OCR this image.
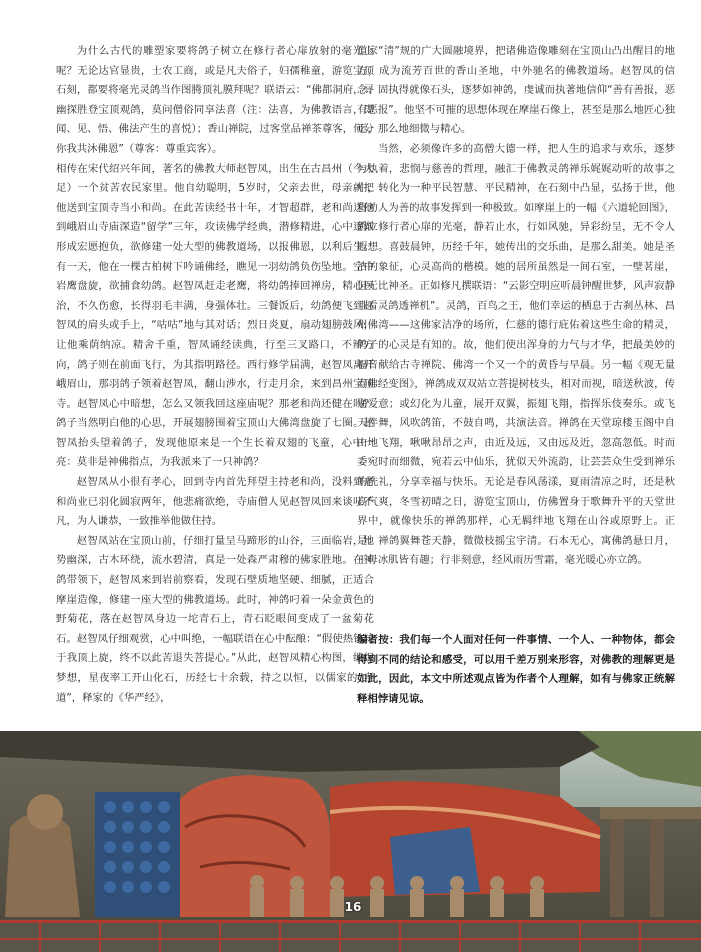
为什么古代的雕塑家要将鸽子树立在修行者心扉放射的毫光上呢？无论达官显贵，士农工商，或是凡夫俗子，妇孺稚童，游览宝顶石刻，都要将毫光灵鸽当作图腾顶礼膜拜呢？联语云：“佛都洞府，寻幽探胜登宝顶观鸽，莫问僧俗同享法喜（注：法喜，为佛教语言，即闻、见、悟、佛法产生的喜悦）；香山禅院，过客堂品禅茶尊客，何分你我共沐佛恩”（尊客：尊重宾客）。

相传在宋代绍兴年间，著名的佛教大师赵智凤，出生在古昌州（今大足）一个贫苦农民家里。他自幼聪明，5岁时，父亲去世，母亲就把他送到宝顶寺当小和尚。在此苦读经书十年，才智超群，老和尚送他到峨眉山寺庙深造“留学”三年，攻读佛学经典，潜修精进，心中逐渐形成宏愿抱负，欲修建一处大型的佛教道场，以报佛恩，以利后生。有一天，他在一棵古柏树下吟诵佛经，瞧见一羽幼鸽负伤坠地。空中岩鹰盘旋，欲捕食幼鸽。赵智凤赶走老鹰，将幼鸽捧回禅房，精心医治，不久伤愈，长得羽毛丰满，身强体壮。三餐饭后，幼鸽便飞到赵智凤的肩头或手上，“咕咕”地与其对话；烈日炎夏，扇动翅膀鼓风，让他乘荫纳凉。精舍千重，智凤诵经读典，行至三叉路口，不辨方向，鸽子则在前面飞行，为其指明路径。西行修学届满，赵智凤离开峨眉山，那羽鸽子领着赵智凤，翻山涉水，行走月余，来到昌州宝顶寺。赵智凤心中暗想，怎么又领我回这座庙呢？那老和尚还健在吗？鸽子当然明白他的心思，开展翅膀围着宝顶山大佛湾盘旋了七圈。赵智凤抬头望着鸽子，发现他原来是一个生长着双翅的飞童，心中一亮：莫非是神佛指点，为我派来了一只神鸽？

赵智凤从小很有孝心，回到寺内首先拜望主持老和尚，没料到老和尚业已羽化圆寂两年，他悲痛欲绝，寺庙僧人见赵智凤回来谈吐不凡，为人谦恭，一致推举他做住持。

赵智凤站在宝顶山前，仔细打量呈马蹄形的山谷，三面临岩，地势幽深，古木环绕，流水碧清，真是一处森严肃穆的佛家胜地。在神鸽带领下，赵智凤来到岩前察看，发现石壁质地坚硬、细腻，正适合摩崖造像，修建一座大型的佛教道场。此时，神鸽叼着一朵金黄色的野菊花，落在赵智凤身边一坨青石上，青石眨眼间变成了一盆菊花石。赵智凤仔细观赏，心中叫绝，一幅联语在心中酝酿：“假使热铁轮于我顶上旋，终不以此苦退失菩提心。”从此，赵智凤精心构图，编织梦想，星夜率工开山化石，历经七十余载，持之以恒，以儒家的“孝道”，释家的《华严经》，

道家“清”规的广大圆融境界，把诸佛造像雕刻在宝顶山凸出醒目的地方，成为流芳百世的香山圣地，中外驰名的佛教道场。赵智凤的信念：固执得就像石头，逐梦如神鸽，虔诚而执著地信仰“善有善报，恶有恶报”。他坚不可摧的思想体现在摩崖石像上，甚至是那么地匠心独运，那么地细微与精心。

当然，必须像许多的高僧大德一样，把人生的追求与欢乐，逐梦与执着，悲悯与慈善的哲理，融汇于佛教灵鸽禅乐娓娓动听的故事之中，转化为一种平民智慧、平民精神，在石刻中凸显，弘扬于世，他将劝人为善的故事发挥到一种极致。如摩崖上的一幅《六道轮回图》，鸽立修行者心扉的光毫，静若止水，行如风驰，异彩纷呈，无不令人遐想。喜鼓晨钟，历经千年，她传出的交乐曲，是那么甜美。她是圣洁的象征，心灵高尚的楷模。她的居所虽然是一间石室，一壁茗崖，但无比神圣。正如修凡撰联语：“云影空明应听晨钟醒世梦，风声寂静且看灵鸽透禅机”。灵鸽，百鸟之王，他们幸运的栖息于古刹丛林、昌州佛湾——这佛家洁净的场所，仁慈的德行庇佑着这些生命的精灵，鸽子的心灵是有知的。故，他们使出浑身的力气与才华，把最美妙的福音献给古寺禅院、佛湾一个又一个的黄昏与早晨。另一幅《观无量寿佛经变图》，禅鸽成双双站立菩提树枝头，相对而视，暗送秋波，传递爱意；或幻化为儿童，展开双翼，振翅飞翔，指挥乐伎奏乐。或飞天伴舞，风吹鸽笛，不鼓自鸣，共演法音。禅鸽在天堂琼楼玉阁中自由地飞翔，啾啾昂昂之声，由近及远，又由远及近，忽高忽低。时而委宛时而细微，宛若云中仙乐，犹似天外流韵，让芸芸众生受到禅乐的洗礼，分享幸福与快乐。无论是春风荡漾，夏雨清凉之时，还是秋高气爽，冬雪初晴之日，游览宝顶山，仿佛置身于歌舞升平的天堂世界中，就像快乐的禅鸽那样，心无羁绊地飞翔在山谷或原野上。正是：禅鸽翼舞苍天静，微微枝摇宝宇清。石本无心，寓佛鸽悬日月，王母冰肌皆有趣；行非刻意，经风雨历雪霜，毫光暖心亦立鸽。

编者按：我们每一个人面对任何一件事情、一个人、一种物体，都会得到不同的结论和感受，可以用千差万别来形容，对佛教的理解更是如此，因此，本文中所述观点皆为作者个人理解，如有与佛家正统解释相悖请见谅。
16
